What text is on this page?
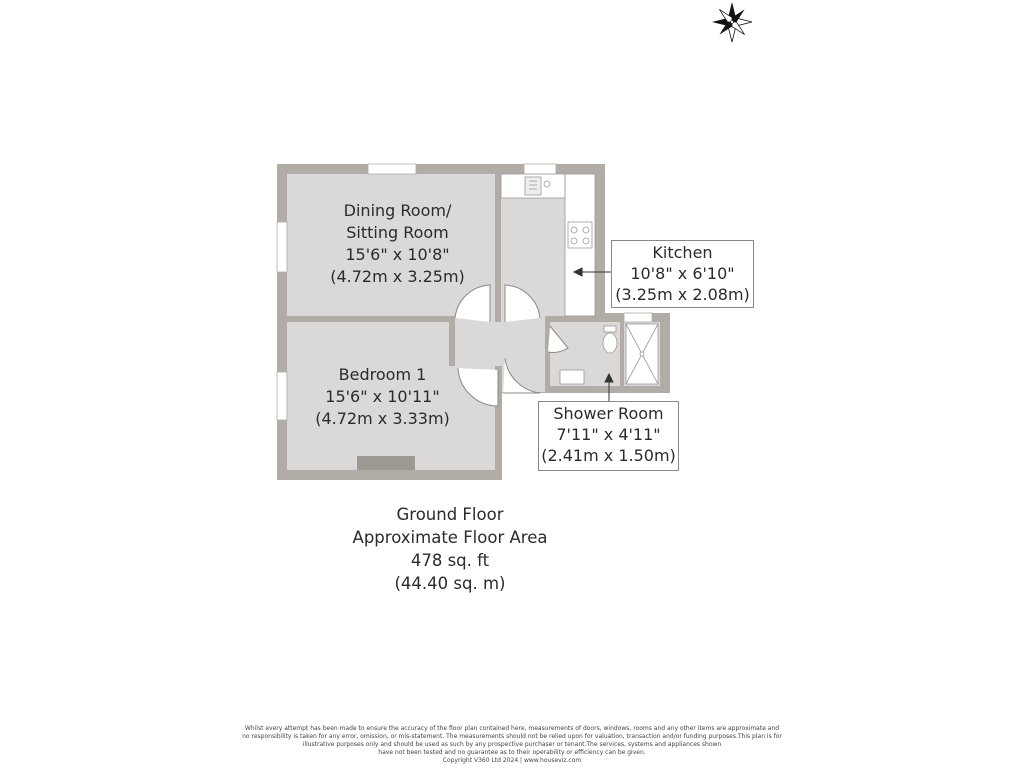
Dining Room/
Sitting Room
15'6" x 10'8"
(4.72m x 3.25m)
Bedroom 1
15'6" x 10'11"
(4.72m x 3.33m)
Kitchen
10'8" x 6'10"
(3.25m x 2.08m)
Shower Room
7'11" x 4'11"
(2.41m x 1.50m)
Ground Floor
Approximate Floor Area
478 sq. ft
(44.40 sq. m)
Whilst every attempt has been made to ensure the accuracy of the floor plan contained here, measurements of doors, windows, rooms and any other items are approximate and
no responsibility is taken for any error, omission, or mis-statement. The measurements should not be relied upon for valuation, transaction and/or funding purposes.This plan is for
illustrative purposes only and should be used as such by any prospective purchaser or tenant.The services, systems and appliances shown
have not been tested and no guarantee as to their operability or efficiency can be given.
Copyright V360 Ltd 2024 | www.houseviz.com
